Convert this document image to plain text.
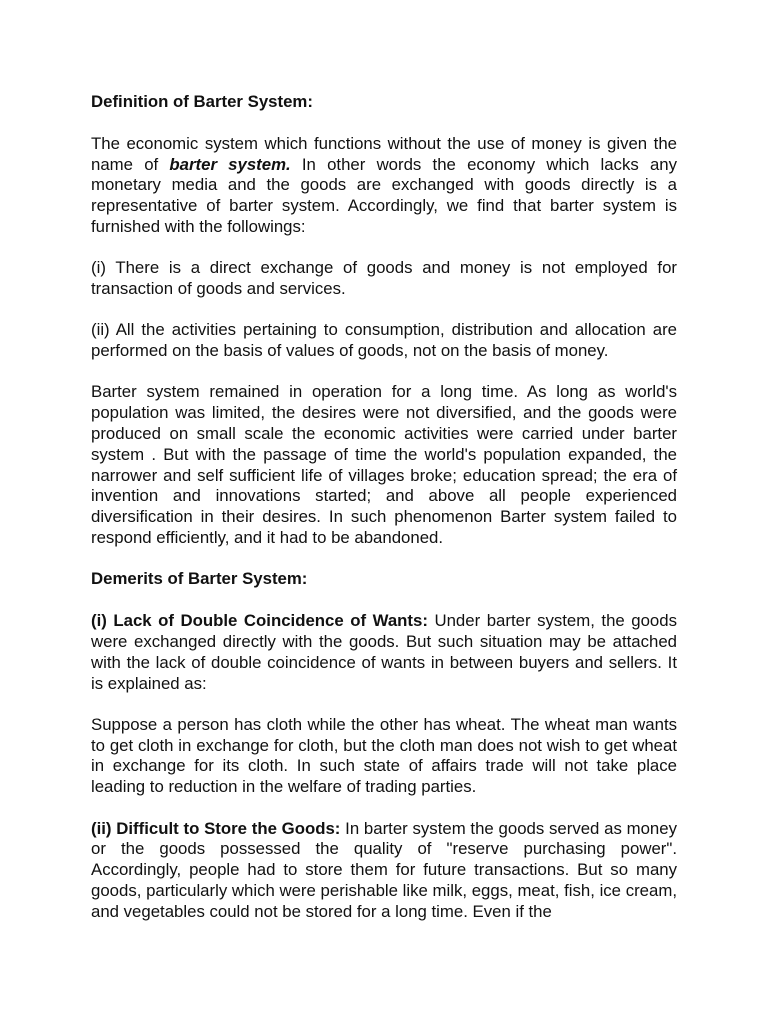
Definition of Barter System:

The economic system which functions without the use of money is given the name of barter system. In other words the economy which lacks any monetary media and the goods are exchanged with goods directly is a representative of barter system. Accordingly, we find that barter system is furnished with the followings:

(i) There is a direct exchange of goods and money is not employed for transaction of goods and services.

(ii) All the activities pertaining to consumption, distribution and allocation are performed on the basis of values of goods, not on the basis of money.

Barter system remained in operation for a long time. As long as world's population was limited, the desires were not diversified, and the goods were produced on small scale the economic activities were carried under barter system . But with the passage of time the world's population expanded, the narrower and self sufficient life of villages broke; education spread; the era of invention and innovations started; and above all people experienced diversification in their desires. In such phenomenon Barter system failed to respond efficiently, and it had to be abandoned.

Demerits of Barter System:

(i) Lack of Double Coincidence of Wants: Under barter system, the goods were exchanged directly with the goods. But such situation may be attached with the lack of double coincidence of wants in between buyers and sellers. It is explained as:

Suppose a person has cloth while the other has wheat. The wheat man wants to get cloth in exchange for cloth, but the cloth man does not wish to get wheat in exchange for its cloth. In such state of affairs trade will not take place leading to reduction in the welfare of trading parties.

(ii) Difficult to Store the Goods: In barter system the goods served as money or the goods possessed the quality of "reserve purchasing power". Accordingly, people had to store them for future transactions. But so many goods, particularly which were perishable like milk, eggs, meat, fish, ice cream, and vegetables could not be stored for a long time. Even if the
